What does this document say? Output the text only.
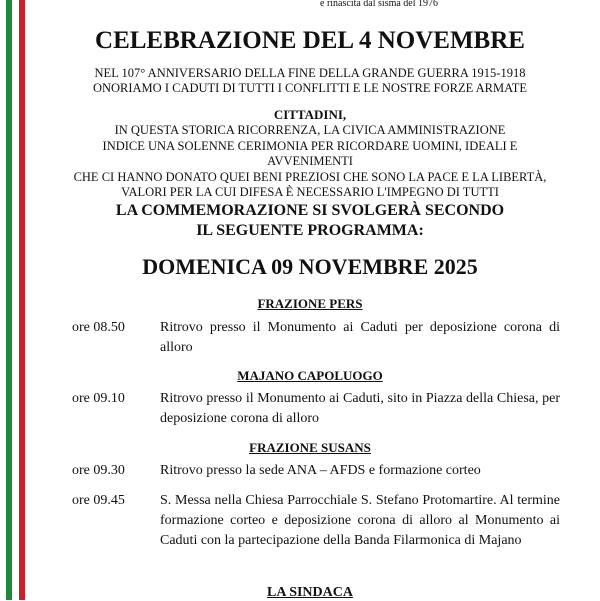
e rinascita dal sisma del 1976
CELEBRAZIONE DEL 4 NOVEMBRE
NEL 107° ANNIVERSARIO DELLA FINE DELLA GRANDE GUERRA 1915-1918
ONORIAMO I CADUTI DI TUTTI I CONFLITTI E LE NOSTRE FORZE ARMATE
CITTADINI,
IN QUESTA STORICA RICORRENZA, LA CIVICA AMMINISTRAZIONE
INDICE UNA SOLENNE CERIMONIA PER RICORDARE UOMINI, IDEALI E AVVENIMENTI
CHE CI HANNO DONATO QUEI BENI PREZIOSI CHE SONO LA PACE E LA LIBERTÀ,
VALORI PER LA CUI DIFESA È NECESSARIO L'IMPEGNO DI TUTTI
LA COMMEMORAZIONE SI SVOLGERÀ SECONDO
IL SEGUENTE PROGRAMMA:
DOMENICA 09 NOVEMBRE 2025
FRAZIONE PERS
ore 08.50	Ritrovo presso il Monumento ai Caduti per deposizione corona di alloro
MAJANO CAPOLUOGO
ore 09.10	Ritrovo presso il Monumento ai Caduti, sito in Piazza della Chiesa, per deposizione corona di alloro
FRAZIONE SUSANS
ore 09.30	Ritrovo presso la sede ANA – AFDS e formazione corteo
ore 09.45	S. Messa nella Chiesa Parrocchiale S. Stefano Protomartire. Al termine formazione corteo e deposizione corona di alloro al Monumento ai Caduti con la partecipazione della Banda Filarmonica di Majano
LA SINDACA
